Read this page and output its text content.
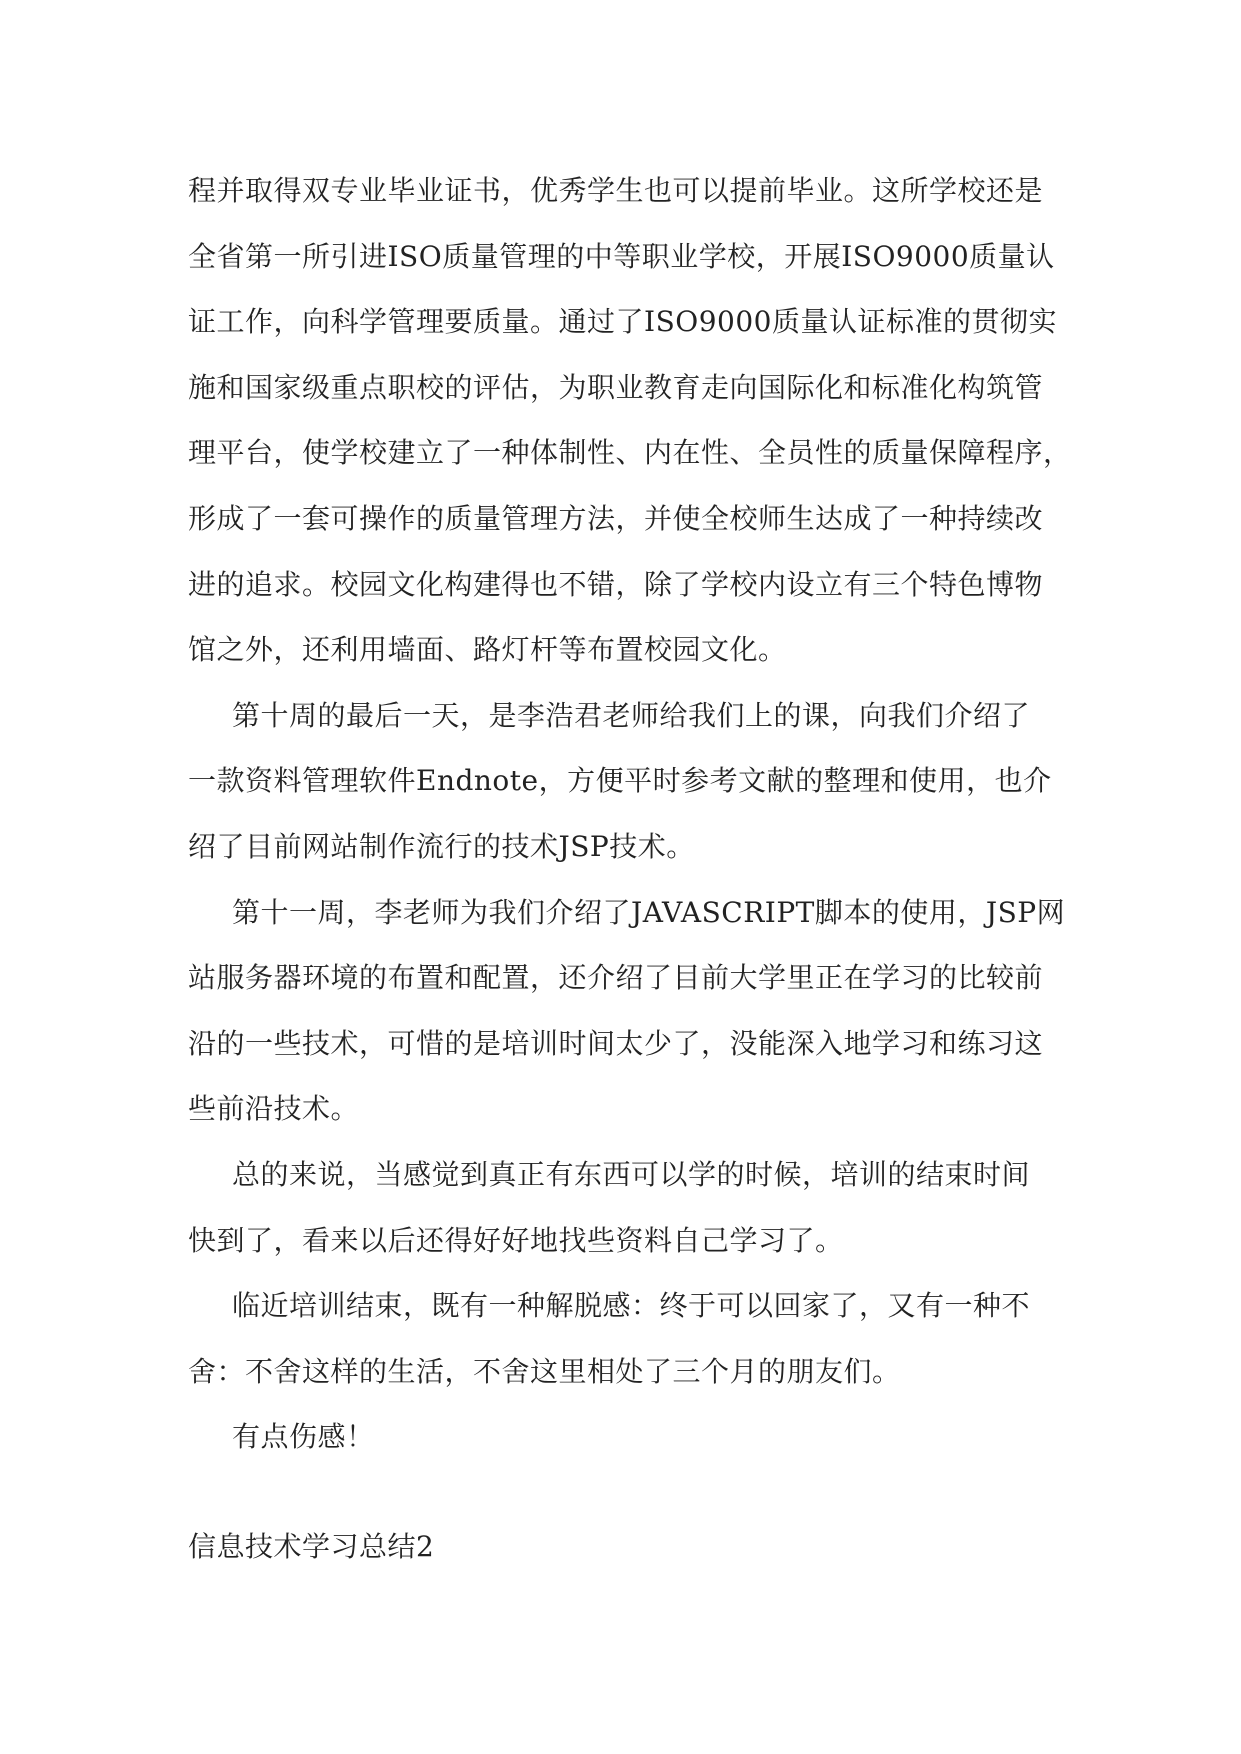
程并取得双专业毕业证书，优秀学生也可以提前毕业。这所学校还是
全省第一所引进ISO质量管理的中等职业学校，开展ISO9000质量认
证工作，向科学管理要质量。通过了ISO9000质量认证标准的贯彻实
施和国家级重点职校的评估，为职业教育走向国际化和标准化构筑管
理平台，使学校建立了一种体制性、内在性、全员性的质量保障程序，
形成了一套可操作的质量管理方法，并使全校师生达成了一种持续改
进的追求。校园文化构建得也不错，除了学校内设立有三个特色博物
馆之外，还利用墙面、路灯杆等布置校园文化。
第十周的最后一天，是李浩君老师给我们上的课，向我们介绍了
一款资料管理软件Endnote，方便平时参考文献的整理和使用，也介
绍了目前网站制作流行的技术JSP技术。
第十一周，李老师为我们介绍了JAVASCRIPT脚本的使用，JSP网
站服务器环境的布置和配置，还介绍了目前大学里正在学习的比较前
沿的一些技术，可惜的是培训时间太少了，没能深入地学习和练习这
些前沿技术。
总的来说，当感觉到真正有东西可以学的时候，培训的结束时间
快到了，看来以后还得好好地找些资料自己学习了。
临近培训结束，既有一种解脱感：终于可以回家了，又有一种不
舍：不舍这样的生活，不舍这里相处了三个月的朋友们。
有点伤感！
信息技术学习总结2
